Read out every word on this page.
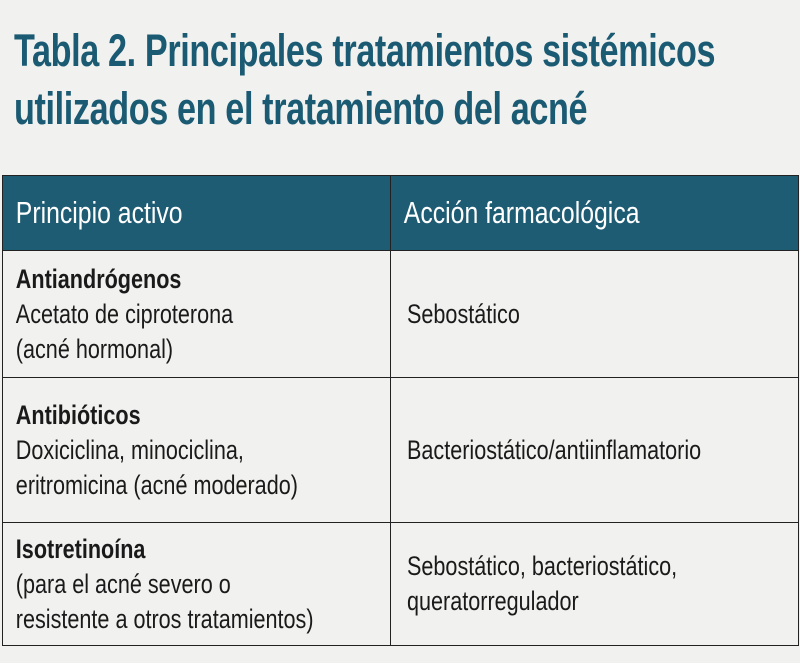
Tabla 2. Principales tratamientos sistémicos
utilizados en el tratamiento del acné
Principio activo	Acción farmacológica

Antiandrógenos
Acetato de ciproterona
(acné hormonal)	Sebostático

Antibióticos
Doxiciclina, minociclina,
eritromicina (acné moderado)	Bacteriostático/antiinflamatorio

Isotretinoína
(para el acné severo o
resistente a otros tratamientos)	Sebostático, bacteriostático,
queratorregulador
